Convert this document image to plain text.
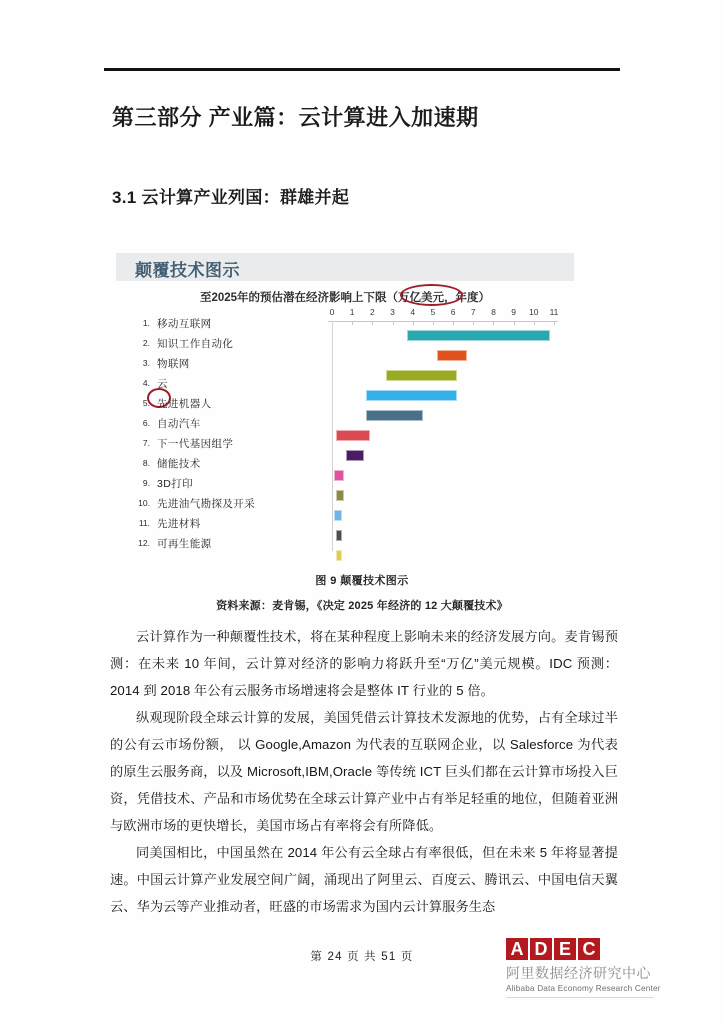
第三部分 产业篇：云计算进入加速期
3.1 云计算产业列国：群雄并起
颠覆技术图示
至2025年的预估潜在经济影响上下限（万亿美元，年度）
1. 移动互联网
2. 知识工作自动化
3. 物联网
4. 云
5. 先进机器人
6. 自动汽车
7. 下一代基因组学
8. 储能技术
9. 3D打印
10. 先进油气勘探及开采
11. 先进材料
12. 可再生能源
0 1 2 3 4 5 6 7 8 9 10 11
图 9 颠覆技术图示
资料来源：麦肯锡，《决定 2025 年经济的 12 大颠覆技术》

云计算作为一种颠覆性技术，将在某种程度上影响未来的经济发展方向。麦肯锡预测：在未来 10 年间，云计算对经济的影响力将跃升至“万亿”美元规模。IDC 预测：2014 到 2018 年公有云服务市场增速将会是整体 IT 行业的 5 倍。

纵观现阶段全球云计算的发展，美国凭借云计算技术发源地的优势，占有全球过半的公有云市场份额， 以 Google,Amazon 为代表的互联网企业，以 Salesforce 为代表的原生云服务商，以及 Microsoft,IBM,Oracle 等传统 ICT 巨头们都在云计算市场投入巨资，凭借技术、产品和市场优势在全球云计算产业中占有举足轻重的地位，但随着亚洲与欧洲市场的更快增长，美国市场占有率将会有所降低。

同美国相比，中国虽然在 2014 年公有云全球占有率很低，但在未来 5 年将显著提速。中国云计算产业发展空间广阔，涌现出了阿里云、百度云、腾讯云、中国电信天翼云、华为云等产业推动者，旺盛的市场需求为国内云计算服务生态

第 24 页 共 51 页	A D E C
阿里数据经济研究中心
Alibaba Data Economy Research Center
